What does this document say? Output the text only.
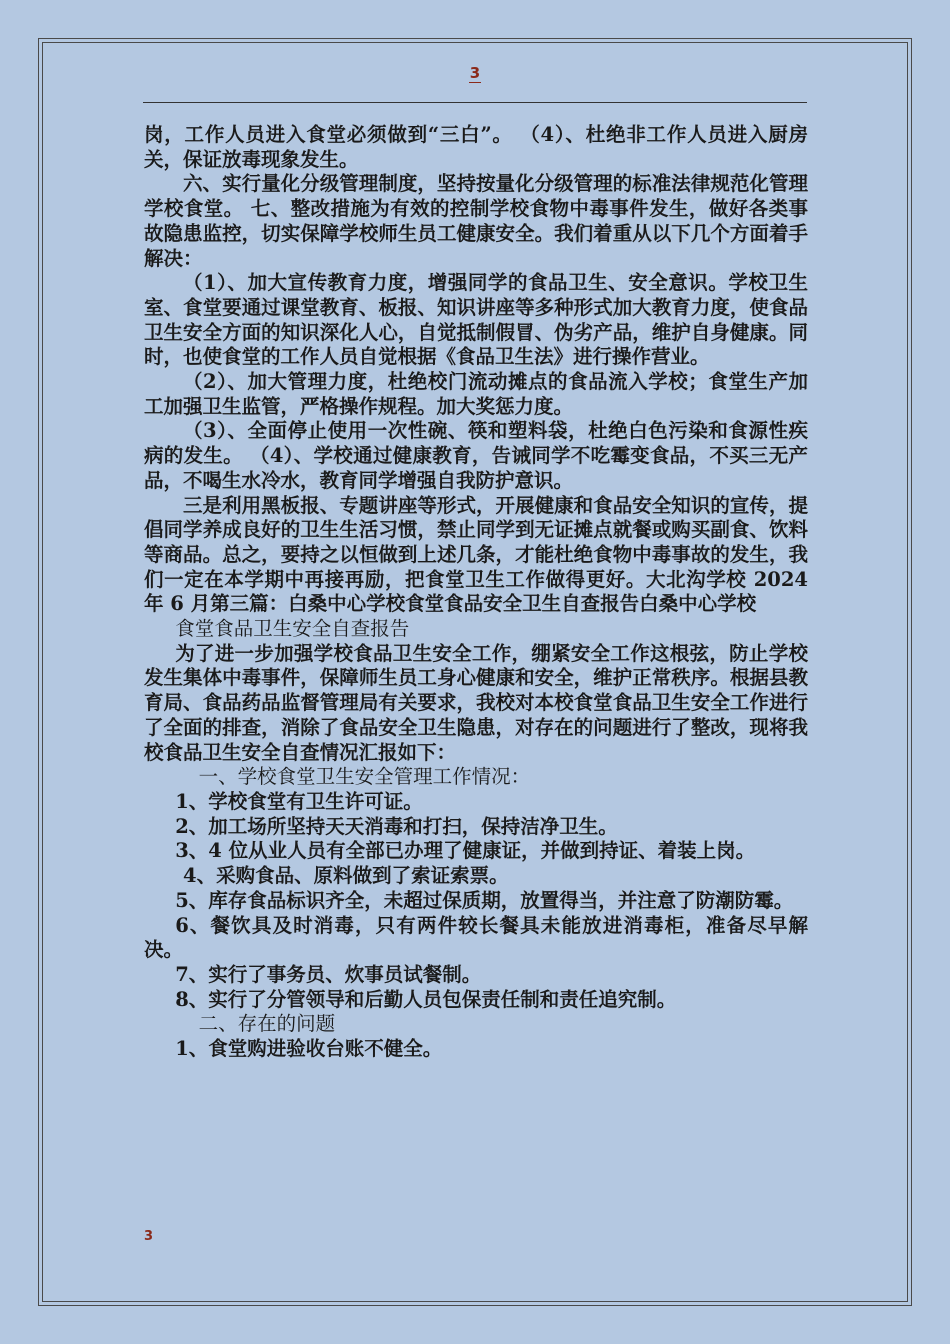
3

岗，工作人员进入食堂必须做到“三白”。 （4）、杜绝非工作人员进入厨房关，保证放毒现象发生。

六、实行量化分级管理制度，坚持按量化分级管理的标准法律规范化管理学校食堂。 七、整改措施为有效的控制学校食物中毒事件发生，做好各类事故隐患监控，切实保障学校师生员工健康安全。我们着重从以下几个方面着手解决：

（1）、加大宣传教育力度，增强同学的食品卫生、安全意识。学校卫生室、食堂要通过课堂教育、板报、知识讲座等多种形式加大教育力度，使食品卫生安全方面的知识深化人心，自觉抵制假冒、伪劣产品，维护自身健康。同时，也使食堂的工作人员自觉根据《食品卫生法》进行操作营业。

（2）、加大管理力度，杜绝校门流动摊点的食品流入学校；食堂生产加工加强卫生监管，严格操作规程。加大奖惩力度。

（3）、全面停止使用一次性碗、筷和塑料袋，杜绝白色污染和食源性疾病的发生。 （4）、学校通过健康教育，告诫同学不吃霉变食品，不买三无产品，不喝生水冷水，教育同学增强自我防护意识。

三是利用黑板报、专题讲座等形式，开展健康和食品安全知识的宣传，提倡同学养成良好的卫生生活习惯，禁止同学到无证摊点就餐或购买副食、饮料等商品。总之，要持之以恒做到上述几条，才能杜绝食物中毒事故的发生，我们一定在本学期中再接再励，把食堂卫生工作做得更好。大北沟学校 2024 年 6 月第三篇：白桑中心学校食堂食品安全卫生自查报告白桑中心学校

食堂食品卫生安全自查报告

为了进一步加强学校食品卫生安全工作，绷紧安全工作这根弦，防止学校发生集体中毒事件，保障师生员工身心健康和安全，维护正常秩序。根据县教育局、食品药品监督管理局有关要求，我校对本校食堂食品卫生安全工作进行了全面的排查，消除了食品安全卫生隐患，对存在的问题进行了整改，现将我校食品卫生安全自查情况汇报如下：

一、学校食堂卫生安全管理工作情况：

1、学校食堂有卫生许可证。

2、加工场所坚持天天消毒和打扫，保持洁净卫生。

3、4 位从业人员有全部已办理了健康证，并做到持证、着装上岗。

4、采购食品、原料做到了索证索票。

5、库存食品标识齐全，未超过保质期，放置得当，并注意了防潮防霉。

6、餐饮具及时消毒，只有两件较长餐具未能放进消毒柜，准备尽早解决。

7、实行了事务员、炊事员试餐制。

8、实行了分管领导和后勤人员包保责任制和责任追究制。

二、存在的问题

1、食堂购进验收台账不健全。

3
